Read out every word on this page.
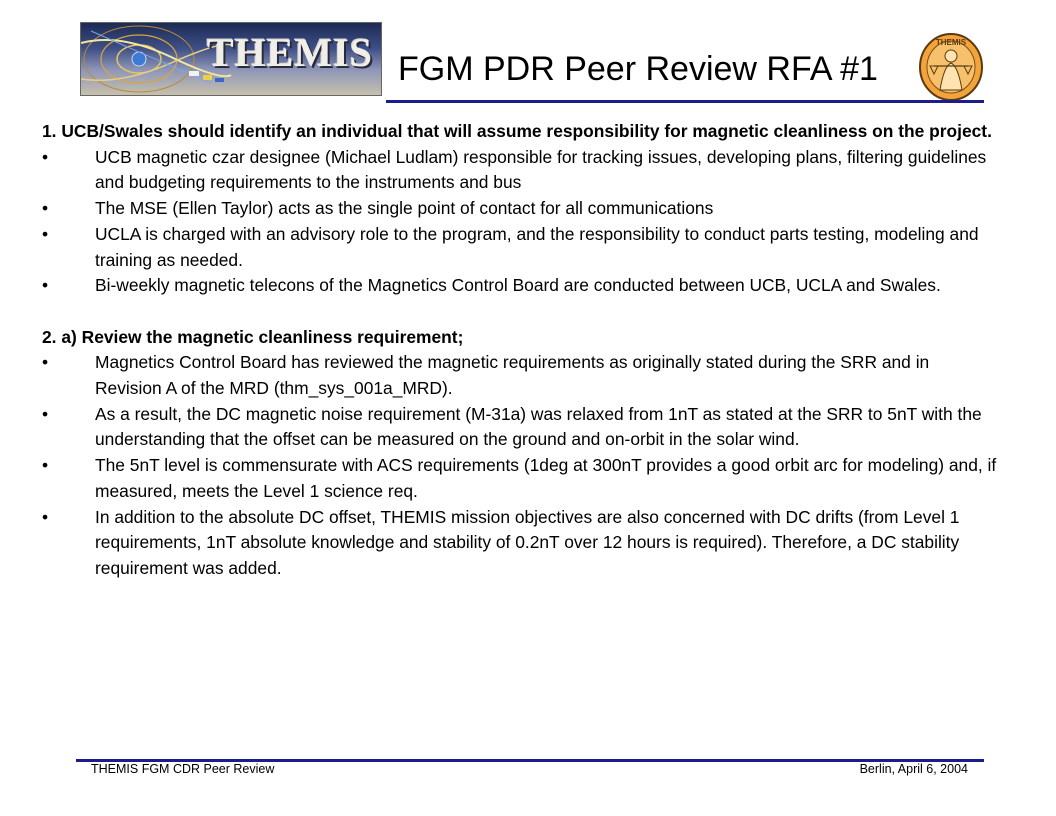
THEMIS FGM PDR Peer Review RFA #1
THEMIS

1. UCB/Swales should identify an individual that will assume responsibility for magnetic cleanliness on the project.

•	UCB magnetic czar designee (Michael Ludlam) responsible for tracking issues, developing plans, filtering guidelines and budgeting requirements to the instruments and bus
•	The MSE (Ellen Taylor) acts as the single point of contact for all communications
•	UCLA is charged with an advisory role to the program, and the responsibility to conduct parts testing, modeling and training as needed.
•	Bi-weekly magnetic telecons of the Magnetics Control Board are conducted between UCB, UCLA and Swales.

2. a) Review the magnetic cleanliness requirement;

•	Magnetics Control Board has reviewed the magnetic requirements as originally stated during the SRR and in Revision A of the MRD (thm_sys_001a_MRD).
•	As a result, the DC magnetic noise requirement (M-31a) was relaxed from 1nT as stated at the SRR to 5nT with the understanding that the offset can be measured on the ground and on-orbit in the solar wind.
•	The 5nT level is commensurate with ACS requirements (1deg at 300nT provides a good orbit arc for modeling) and, if measured, meets the Level 1 science req.
•	In addition to the absolute DC offset, THEMIS mission objectives are also concerned with DC drifts (from Level 1 requirements, 1nT absolute knowledge and stability of 0.2nT over 12 hours is required). Therefore, a DC stability requirement was added.
THEMIS FGM CDR Peer Review	Berlin, April 6, 2004
